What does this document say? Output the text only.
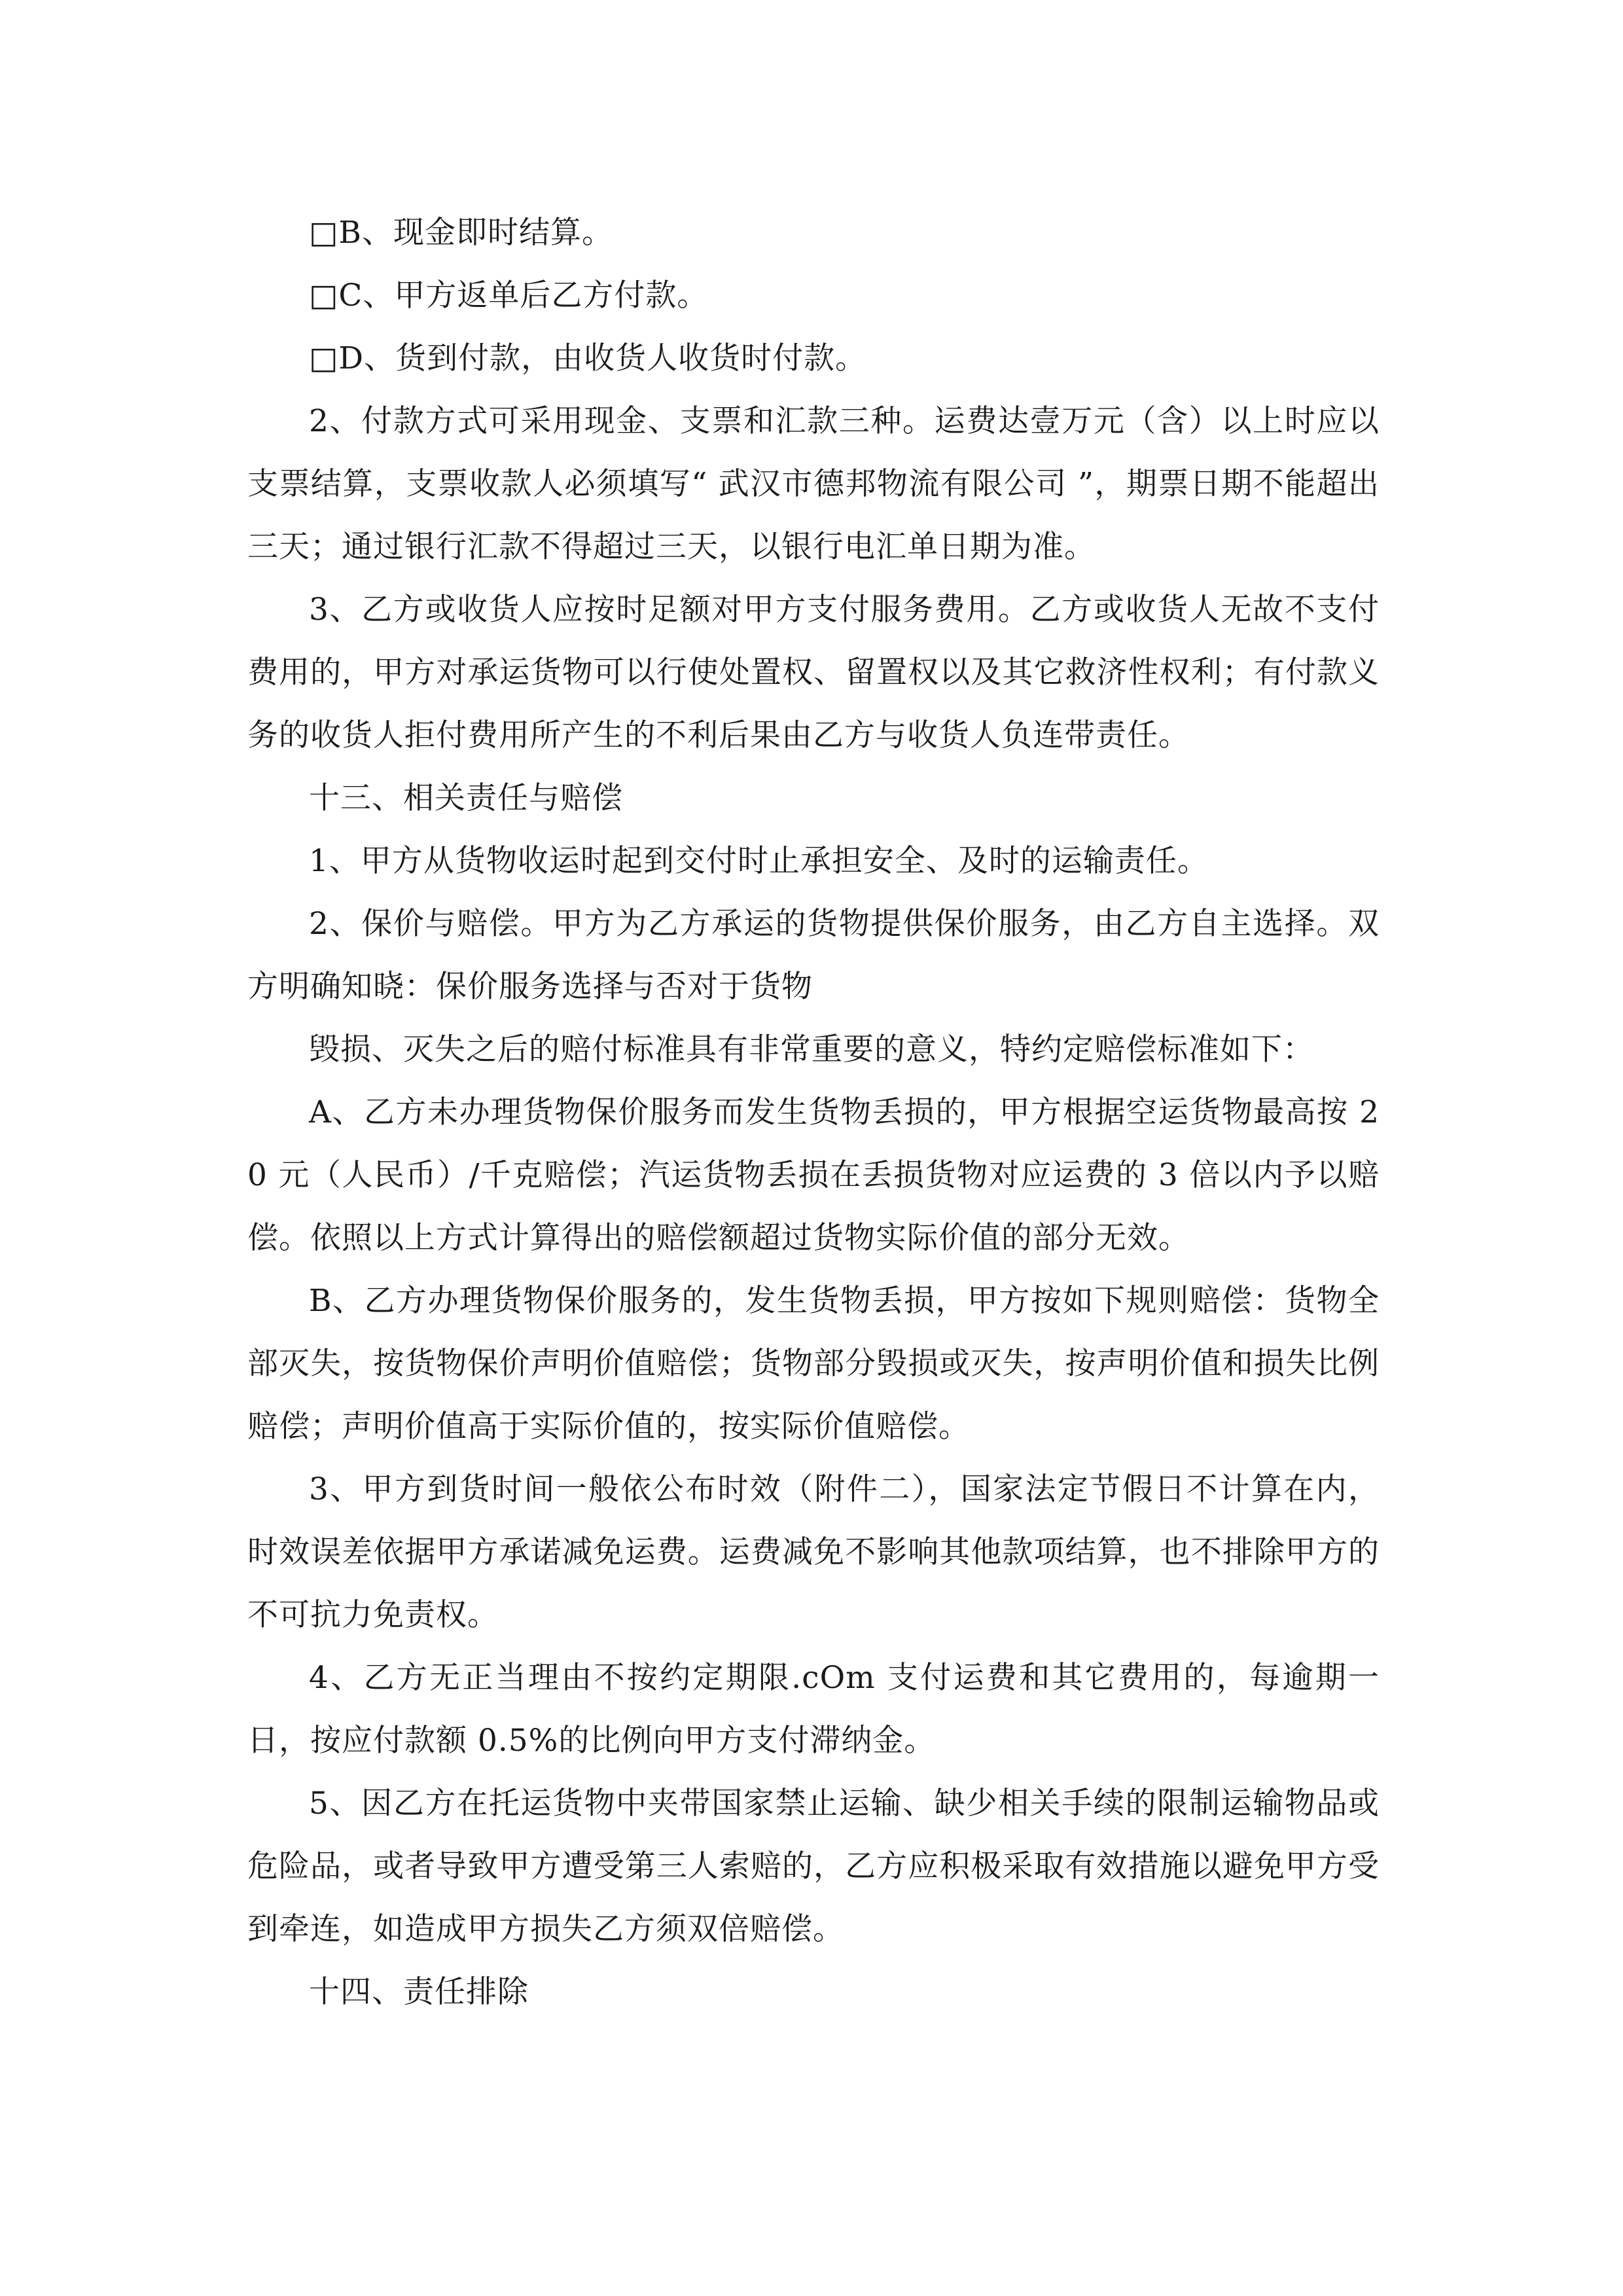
□B、现金即时结算。

□C、甲方返单后乙方付款。

□D、货到付款，由收货人收货时付款。

2、付款方式可采用现金、支票和汇款三种。运费达壹万元（含）以上时应以支票结算，支票收款人必须填写“ 武汉市德邦物流有限公司 ”，期票日期不能超出三天；通过银行汇款不得超过三天，以银行电汇单日期为准。

3、乙方或收货人应按时足额对甲方支付服务费用。乙方或收货人无故不支付费用的，甲方对承运货物可以行使处置权、留置权以及其它救济性权利；有付款义务的收货人拒付费用所产生的不利后果由乙方与收货人负连带责任。

十三、相关责任与赔偿

1、甲方从货物收运时起到交付时止承担安全、及时的运输责任。

2、保价与赔偿。甲方为乙方承运的货物提供保价服务，由乙方自主选择。双方明确知晓：保价服务选择与否对于货物

毁损、灭失之后的赔付标准具有非常重要的意义，特约定赔偿标准如下：

A、乙方未办理货物保价服务而发生货物丢损的，甲方根据空运货物最高按 20 元（人民币）/千克赔偿；汽运货物丢损在丢损货物对应运费的 3 倍以内予以赔偿。依照以上方式计算得出的赔偿额超过货物实际价值的部分无效。

B、乙方办理货物保价服务的，发生货物丢损，甲方按如下规则赔偿：货物全部灭失，按货物保价声明价值赔偿；货物部分毁损或灭失，按声明价值和损失比例赔偿；声明价值高于实际价值的，按实际价值赔偿。

3、甲方到货时间一般依公布时效（附件二），国家法定节假日不计算在内，时效误差依据甲方承诺减免运费。运费减免不影响其他款项结算，也不排除甲方的不可抗力免责权。

4、乙方无正当理由不按约定期限.cOm 支付运费和其它费用的，每逾期一日，按应付款额 0.5%的比例向甲方支付滞纳金。

5、因乙方在托运货物中夹带国家禁止运输、缺少相关手续的限制运输物品或危险品，或者导致甲方遭受第三人索赔的，乙方应积极采取有效措施以避免甲方受到牵连，如造成甲方损失乙方须双倍赔偿。

十四、责任排除
